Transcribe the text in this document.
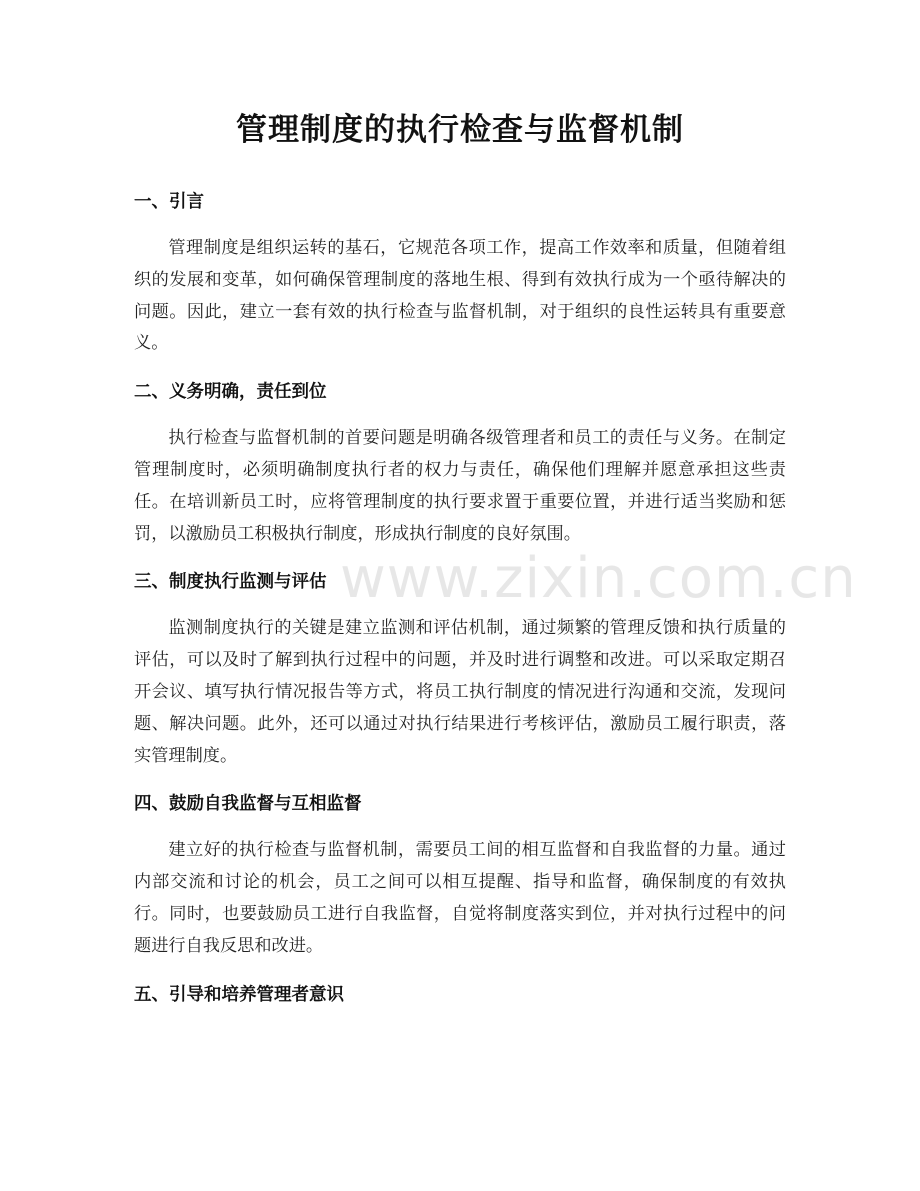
管理制度的执行检查与监督机制
一、引言

管理制度是组织运转的基石，它规范各项工作，提高工作效率和质量，但随着组织的发展和变革，如何确保管理制度的落地生根、得到有效执行成为一个亟待解决的问题。因此，建立一套有效的执行检查与监督机制，对于组织的良性运转具有重要意义。

二、义务明确，责任到位

执行检查与监督机制的首要问题是明确各级管理者和员工的责任与义务。在制定管理制度时，必须明确制度执行者的权力与责任，确保他们理解并愿意承担这些责任。在培训新员工时，应将管理制度的执行要求置于重要位置，并进行适当奖励和惩罚，以激励员工积极执行制度，形成执行制度的良好氛围。

三、制度执行监测与评估

监测制度执行的关键是建立监测和评估机制，通过频繁的管理反馈和执行质量的评估，可以及时了解到执行过程中的问题，并及时进行调整和改进。可以采取定期召开会议、填写执行情况报告等方式，将员工执行制度的情况进行沟通和交流，发现问题、解决问题。此外，还可以通过对执行结果进行考核评估，激励员工履行职责，落实管理制度。

四、鼓励自我监督与互相监督

建立好的执行检查与监督机制，需要员工间的相互监督和自我监督的力量。通过内部交流和讨论的机会，员工之间可以相互提醒、指导和监督，确保制度的有效执行。同时，也要鼓励员工进行自我监督，自觉将制度落实到位，并对执行过程中的问题进行自我反思和改进。

五、引导和培养管理者意识
www.zixin.com.cn
